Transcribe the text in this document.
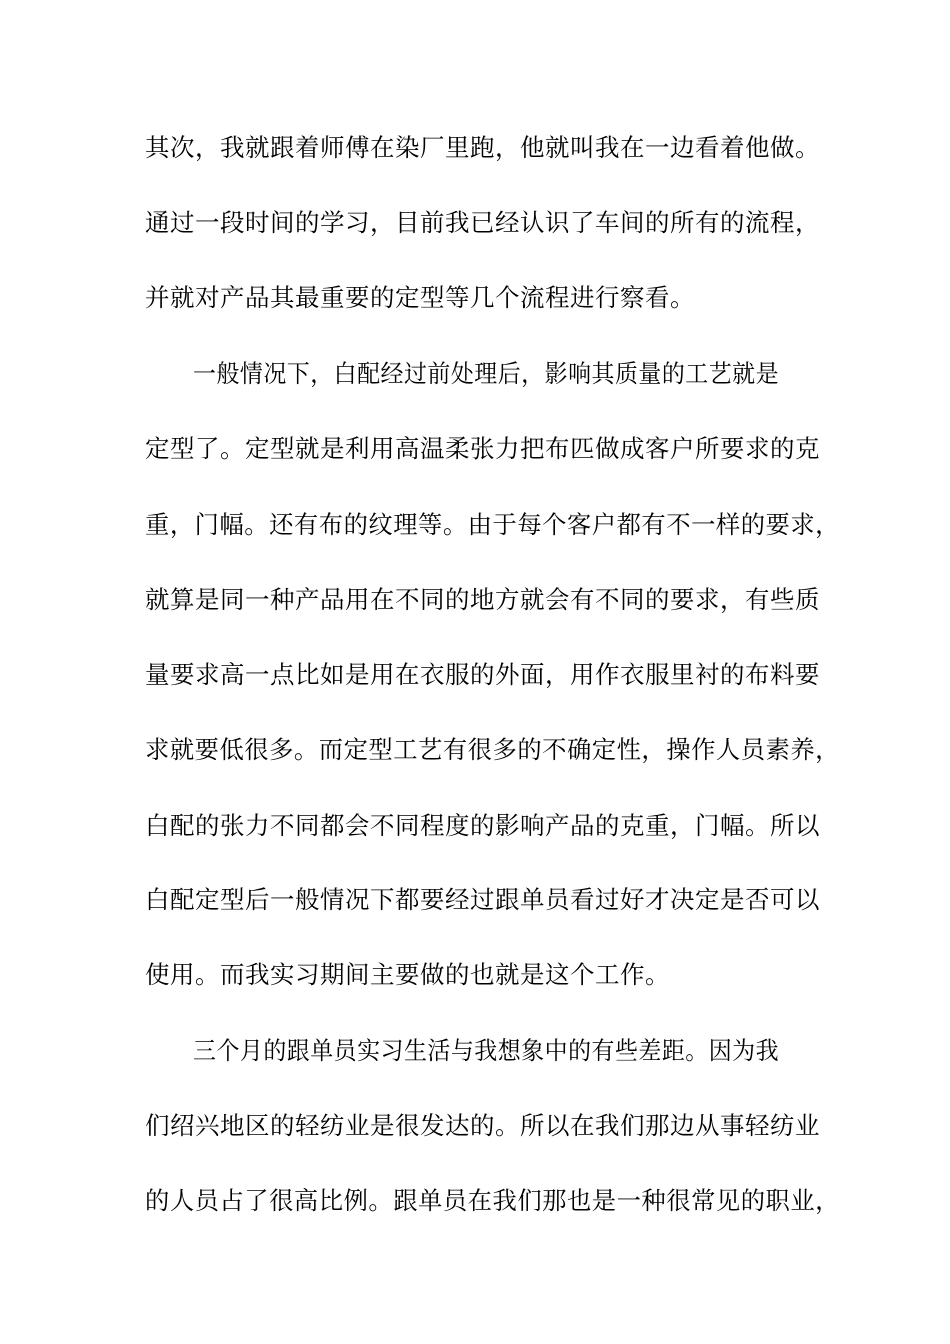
其次，我就跟着师傅在染厂里跑，他就叫我在一边看着他做。
通过一段时间的学习，目前我已经认识了车间的所有的流程，
并就对产品其最重要的定型等几个流程进行察看。
一般情况下，白配经过前处理后，影响其质量的工艺就是
定型了。定型就是利用高温柔张力把布匹做成客户所要求的克
重，门幅。还有布的纹理等。由于每个客户都有不一样的要求，
就算是同一种产品用在不同的地方就会有不同的要求，有些质
量要求高一点比如是用在衣服的外面，用作衣服里衬的布料要
求就要低很多。而定型工艺有很多的不确定性，操作人员素养，
白配的张力不同都会不同程度的影响产品的克重，门幅。所以
白配定型后一般情况下都要经过跟单员看过好才决定是否可以
使用。而我实习期间主要做的也就是这个工作。
三个月的跟单员实习生活与我想象中的有些差距。因为我
们绍兴地区的轻纺业是很发达的。所以在我们那边从事轻纺业
的人员占了很高比例。跟单员在我们那也是一种很常见的职业，
